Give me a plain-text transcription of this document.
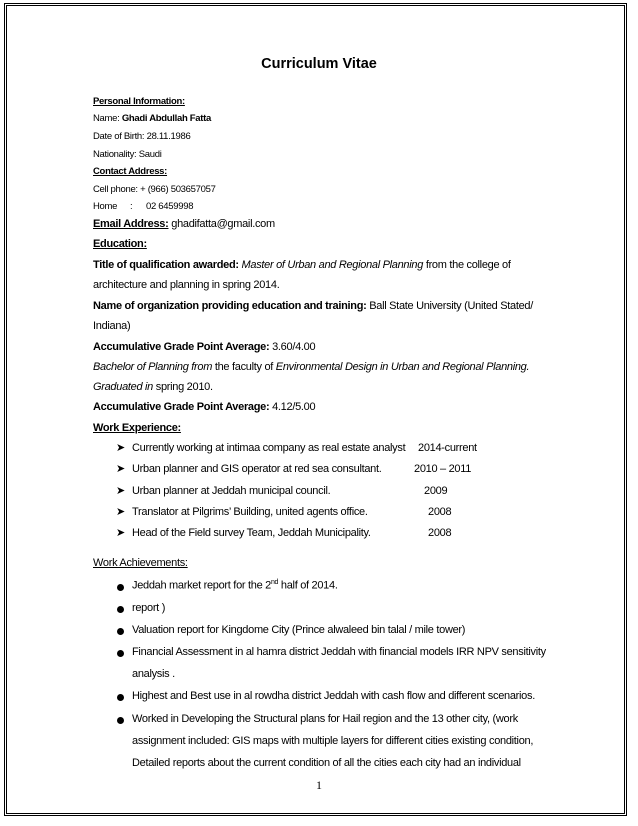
Curriculum Vitae
Personal Information:
Name: Ghadi Abdullah Fatta
Date of Birth: 28.11.1986
Nationality: Saudi
Contact Address:
Cell phone: + (966) 503657057
Home : 02 6459998
Email Address: ghadifatta@gmail.com
Education:
Title of qualification awarded: Master of Urban and Regional Planning from the college of
architecture and planning in spring 2014.
Name of organization providing education and training: Ball State University (United Stated/
Indiana)
Accumulative Grade Point Average: 3.60/4.00
Bachelor of Planning from the faculty of Environmental Design in Urban and Regional Planning.
Graduated in spring 2010.
Accumulative Grade Point Average: 4.12/5.00
Work Experience:
➤ Currently working at intimaa company as real estate analyst 2014-current
➤ Urban planner and GIS operator at red sea consultant.	2010 – 2011
➤ Urban planner at Jeddah municipal council.	2009
➤ Translator at Pilgrims’ Building, united agents office.	2008
➤ Head of the Field survey Team, Jeddah Municipality.	2008
Work Achievements:
Jeddah market report for the 2nd half of 2014.
report )
Valuation report for Kingdome City (Prince alwaleed bin talal / mile tower)
Financial Assessment in al hamra district Jeddah with financial models IRR NPV sensitivity
analysis .
Highest and Best use in al rowdha district Jeddah with cash flow and different scenarios.
Worked in Developing the Structural plans for Hail region and the 13 other city, (work
assignment included: GIS maps with multiple layers for different cities existing condition,
Detailed reports about the current condition of all the cities each city had an individual
1
